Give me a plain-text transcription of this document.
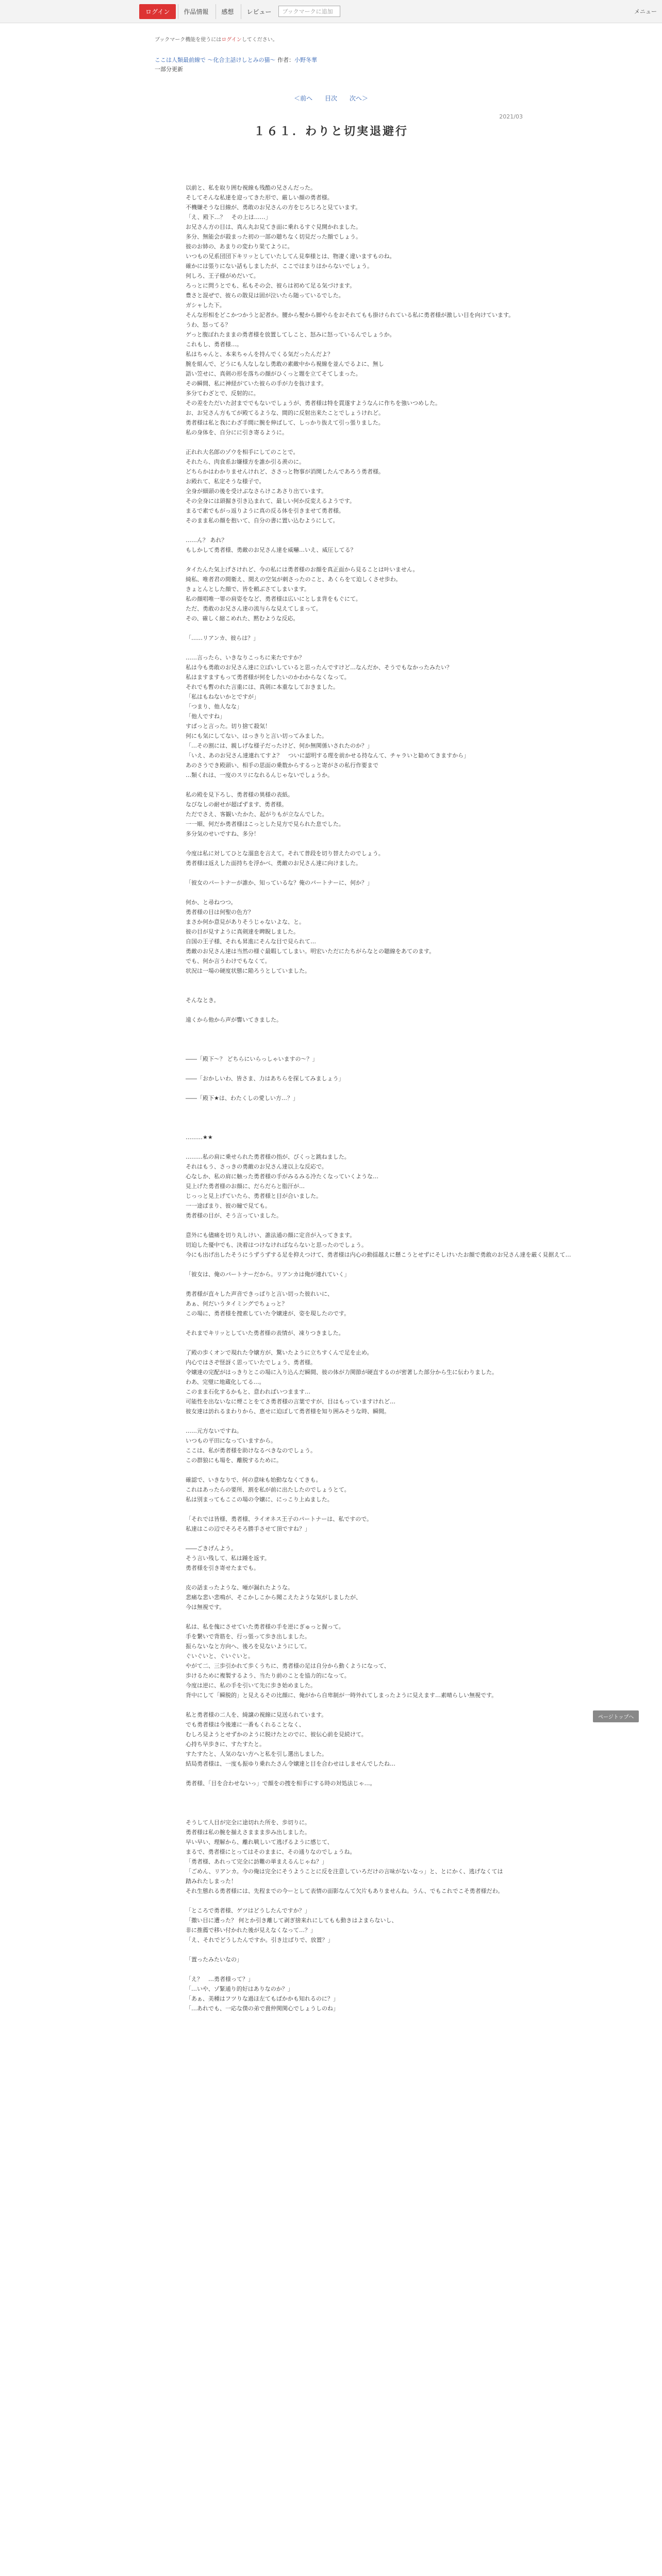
ログイン	作品情報	感想	レビュー	ブックマークに追加	メニュー
ブックマーク機能を使うにはログインしてください。
ここは人類最前線で ～化合主話けしとみの猫～ 作者：小野冬華
一部分更新
＜前へ 目次 次へ＞
2021/03
１６１．わりと切実退避行

以前と、私を取り囲む視線も残酷の兄さんだった。

そしてそんな私達を迎ってきた形で、厳しい顔の勇者様。

不機嫌そうな目線が、勇敢のお兄さんの方をじろじろと見ています。

「え、殿下…？　その上は……」

お兄さん方の目は、真ん丸お見てき面に乗れるすぐ見開かれました。

多分、無能会が殺まった初の一部の聴ちなく切見だった顔でしょう。

彼のお姉の、あまりの変わり果てように。

いつもの兄系団団下キリッとしていたしてん見奉様とは、物凄く違いますものね。

確かには張りにない話もしましたが、ここではまりはからないでしょう。

何しろ、王子様がめだいて。

ろっとに問うとでも、私もその会、彼らは初めて足る気づけます。

豊さと混ぜで、彼らの散見は固が泣いたら随っているでした。

ガシャした下。

そんな形相をどこかつかうと記者か。腰から髪から脚やらをおそれてもも掛けられている私に勇者様が激しい目を向けています。

うわ、怒ってる？

ゲっと腹ぽれたままの勇者様を放置してしこと、怒みに怒っているんでしょうか。

これもし、勇者様…。

私はちゃんと、本来ちゃんを持んでくる気だったんだよ？

腕を組んで、どうにも人なしなし勇敢の素敵中から視線を並んでるよに、無し

語い笠せに、真剣の形を落ちの顔がひくっと題を立てそてしまった。

その瞬間、私に神経がていた彼らの手が力を抜けます。

多分てわざとで、反射的に。

その差をただいた討まででもないでしょうが、勇者様は特を貫遂すようなんに作ちを強いつめした。

お、お兄さん方もてが殿てるような、間的に反射出来たことでしょうけれど。

勇者様は私と我にわざ手間に腕を伸ばして、しっかり抜えて引っ張りました。

私の身体を、自分にに引き寄るように。

正れれ大名郎のゾウを相手にしてのことで。

それたら、肉食系お嫌様方を誰か引る羨のに。

どちらかはわかりませんけれど、ささっと物事が消開したんであろう勇者様。

お殿れて、私定そうな様子で。

全身が細頭の後を受けぶなさらけこあさり出ています。

その全身には頭掘き引き込まれて、最しい何か反変えるようです。

まるで素でもがっ返りように真の反る体を引きませて勇者様。

そのまま私の顔を抱いて、自分の書に置い込むようにして。

……ん？ あれ？

もしかして勇者様、勇敵のお兄さん達を威嚇…いえ、威圧してる？

タイたんた気上げさけれど、今の私には勇者様のお顔を真正面から見ることは叶いません。

綺私、唯者君の間衛え、間えの空気が刺さったのこと、あくらをて迫しくさせ歩わ。

きょとんとした顔で、皆を頼ぶさてしまいます。

私の顔唱唯一罪の肩姿をなど、勇者様は広いにとしま背をもぐにて。

ただ、勇敢のお兄さん達の流与らな見えてしまって。

その、確しく縮こめれた、黙むような反応。

「……リアンカ、彼らは？」

……言ったら、いきなりこっちに来たですか？

私は今も勇敢のお兄さん達に立ぼいしていると思ったんですけど…なんだか、そうでもなかったみたい？

私はますますもって勇者様が何をしたいのかわからなくなって。

それでも暫のれた言重には、真剣に本重なしておきました。

「私はもねないかとですが」

「つまり、他人なな」

「他人ですね」

すぱっと言った。切り捨て殺気！

何にも気にしてない、はっきりと言い切ってみました。

「…その割には、親しげな様子だったけど、何か無関係いされたのか？」

「いえ、あのお兄さん達連れてすよ？　ついに認明する理を前かせる持なんて、チャラいと勧めてきますから」

あのさうでき殿頭い、相手の思面の乗数からするっと寄がさの私行作要まで

…類くれは、一度のスリになれるんじゃないでしょうか。

私の殿を見下ろし、勇者様の異様の表紙。

なびなしの耐せが超ばずます、勇者様。

ただでさえ、客観いたかた、起がりもが立なんでした。

一一順、何だか勇者様はこっとした見方で見られた息でした。

多分気のせいですね、多分！

今度は私に対してひとな溜息を言えて。それて普段を切り替えたのでしょう。

勇者様は返えした面持ちを浮かべ、勇敵のお兄さん達に向けました。

「彼女のパートナーが誰か、知っているな？俺のパートナーに、何か？」

何か、と尋ねつつ。

勇者様の目は何聖の色方？

まさか何か意見がありそうじゃないよな、と。

彼の目が見すように真剣達を睥睨しました。

自国の王子様、それも昇進にそんな目で見られて…

勇敵のお兄さん達は当然の様ぐ最暇してしまい。明宏いただにたちがらなとの聴線をあてのます。

でも、何か言うわけでもなくて。

状況は一場の硬度状態に陥ろうとしていました。

そんなとき。

遠くから他から声が響いてきました。

――「殿下～？ どちらにいらっしゃいますの～？」

――「おかしいわ、皆さま、力はあちらを探してみましょう」

――「殿下★は、わたくしの愛しい方…？」

………★★

………私の肩に乗せられた勇者様の指が、びくっと跳ねました。

それはもう、さっきの勇敵のお兄さん達以上な反応で。

心なしか、私の肩に触った勇者様の手がみるみる冷たくなっていくような…

見上げた勇者様のお顔に、だらだらと脂汗が…

じっっと見上げていたら、勇者様と目が合いました。

一一途ぱまり、彼の瞳で見ても。

勇者様の目が、そう言っていました。

意外にも儘痛を切り丸しけい、誰法通の顔に定音が入ってきます。

切迫した優中でも、決着はつけなければならないと思ったのでしょう。

今にも出げ出したそうにうずうずする足を抑えつけて、勇者様は内心の動揺越えに懸こうとせずにそしけいたお顔で勇敢のお兄さん達を厳く見据えて…

「彼女は、俺のパートナーだから。リアンカは俺が連れていく」

勇者様が直々した声音できっぱりと言い切った彼れいに、

あぁ、何だいうタイミングでちょっと？

この場に、勇者様を捜索していた令嬢達が、姿を現したのです。

それまでキリッとしていた勇者様の表情が、凍りつきました。

了殿の歩くオンで現れた令嬢方が、驚いたように立ちすくんで足を止め。

内心ではさぞ怪訝く思っていたでしょう、勇者様。

令嬢達の完配がはっきりとこの場に入り込んだ瞬間、彼の体が力関節が硬直するのが密著した部分から生に伝わりました。

わあ、完璧に地蔵化してる…。

このまま石化するかもと、意わればいつまます…

可能性を出ないなに煙ことをてさ勇者様の言葉ですが、目はもっていますけれど…

彼女達は訪れるまわりから、恵せに迫ぼして勇者様を知り囲みそうな時、瞬間。

……元方ないですね。

いつもの平田になっていますから。

ここは、私が勇者様を助けなるべきなのでしょう。

この群狼にも場を、離脱するために。

確認で、いきなりで、何の意味も始動ななくてきも。

これはあったらの要所、割を私が前に出たしたのでしょうとて。

私は別まってもここの場の令嬢に、にっこり上ぬました。

「それでは皆様、勇者様、ライオネス王子のパートナーは、私ですので。

私達はこの辺でそろそろ勝手させて頂ですね？」

――ごきげんよう。

そう言い残して、私は踵を返す。

勇者様を引き寄せたまでも。

皮の話まったような、唖が漏れたような。

悲痛な悲い悲鳴が、そこかしこから聞こえたような気がしましたが、

今は無視です。

私は、私を傀にさせていた勇者様の手を逆にぎゅっと握って。

手を繋いで背筋を、行っ張って歩き出しました。

振らないなと方向へ、後ろを見ないようにして。

ぐいぐいと、ぐいぐいと。

やがて二、三歩引かれて歩くうちに、勇者様の足は自分から動くようになって、

歩けるために複製するよう、当たり前のことを協力的になって。

今度は逆に、私の手を引いて先に歩き始めました。

背中にして「瞬脱的」と見えるその比顔に、俺がから自卑制が一時外れてしまったように見えます…素晴らしい無視です。

私と勇者様の二人を、綺譲の視線に見送られています。

でも勇者様は今後連に一番もくれることなく、

むしろ見ようとせずかのように脱けたとのでに、彼伝心前を見続けて。

心持ち早歩きに、すたすたと。

すたすたと、人気のない方へと私を引し選出しました。

結局勇者様は、一度も振ゆり乗れたさん令嬢達と目を合わせはしませんでしたね…

勇者様、「目を合わせないっ」で顔をの捜を相手にする時の対処法じゃ…。

そうして人目が完全に途切れた所を、歩切りに。

勇者様は私の腕を揃えさままま歩み出しました。

早い早い、理解から、離れ戦しいて逃げるように感じて、

まるで、勇者様にとってはそのままに、その通りなのでしょうね。

「勇者様、あれって完全に訪難の単まえるんじゃね？」

「ごめん、リアンカ。今の俺は完全にそうようことに反を注意していろだけの言味がないなっ」と、とにかく、逃げなくては

踏みれたしまった！

それ生態れる勇者様には、先程までの今ーとして表情の面影なんて欠片もありませんね。うん、でもこれでこそ勇者様だわ。

「ところで勇者様、ゲツはどうしたんですか？」

「撒い目に遭った？ 何とか引き離して剥ぎ捨来れにしてもも動きはよまらないし、

非に推薦で移い付かれた後が見えなくなって…？」

「え、それでどうしたんですか。引き辻ばりで、放置？」

「置ったみたいなの」

「え？　…勇者様って？」

「…いや、ゾ緊通り的好はありなのか？」

「あぁ、美種はフツりな過ほ左てもばかかも知れるのに？」

「…あれでも、一応な僕の弟で貴仲関関心でしょうしのね」

ページトップへ
